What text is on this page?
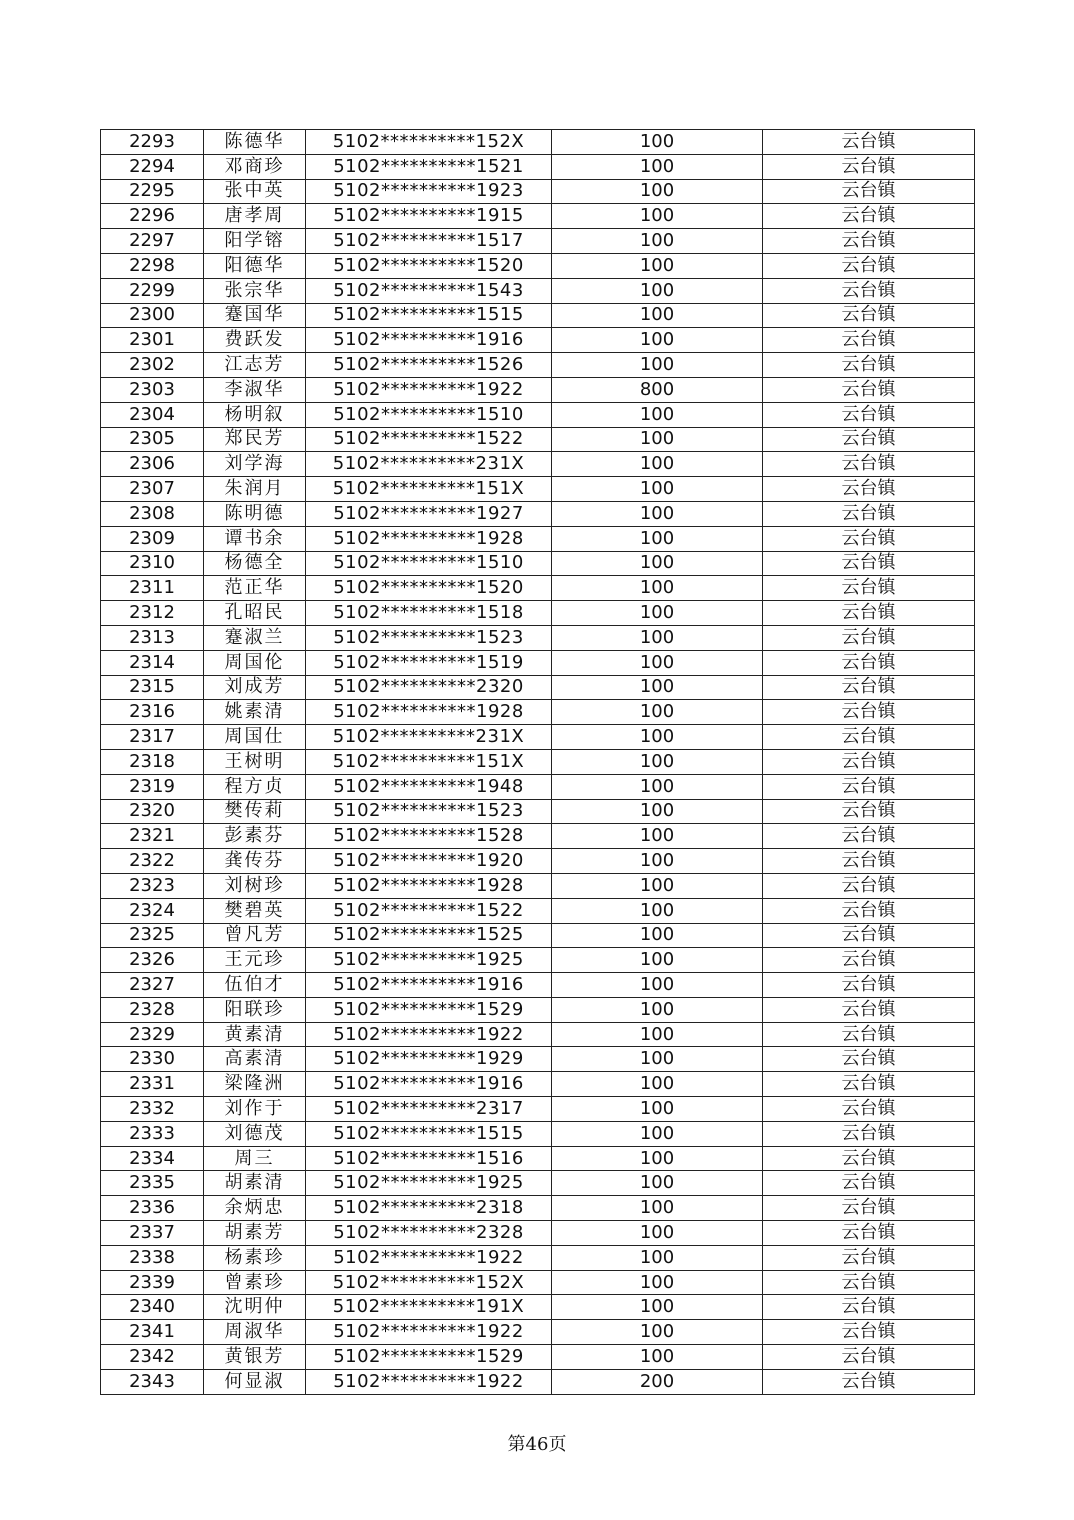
2293	陈德华	5102**********152X	100	云台镇
2294	邓商珍	5102**********1521	100	云台镇
2295	张中英	5102**********1923	100	云台镇
2296	唐孝周	5102**********1915	100	云台镇
2297	阳学镕	5102**********1517	100	云台镇
2298	阳德华	5102**********1520	100	云台镇
2299	张宗华	5102**********1543	100	云台镇
2300	蹇国华	5102**********1515	100	云台镇
2301	费跃发	5102**********1916	100	云台镇
2302	江志芳	5102**********1526	100	云台镇
2303	李淑华	5102**********1922	800	云台镇
2304	杨明叙	5102**********1510	100	云台镇
2305	郑民芳	5102**********1522	100	云台镇
2306	刘学海	5102**********231X	100	云台镇
2307	朱润月	5102**********151X	100	云台镇
2308	陈明德	5102**********1927	100	云台镇
2309	谭书余	5102**********1928	100	云台镇
2310	杨德全	5102**********1510	100	云台镇
2311	范正华	5102**********1520	100	云台镇
2312	孔昭民	5102**********1518	100	云台镇
2313	蹇淑兰	5102**********1523	100	云台镇
2314	周国伦	5102**********1519	100	云台镇
2315	刘成芳	5102**********2320	100	云台镇
2316	姚素清	5102**********1928	100	云台镇
2317	周国仕	5102**********231X	100	云台镇
2318	王树明	5102**********151X	100	云台镇
2319	程方贞	5102**********1948	100	云台镇
2320	樊传莉	5102**********1523	100	云台镇
2321	彭素芬	5102**********1528	100	云台镇
2322	龚传芬	5102**********1920	100	云台镇
2323	刘树珍	5102**********1928	100	云台镇
2324	樊碧英	5102**********1522	100	云台镇
2325	曾凡芳	5102**********1525	100	云台镇
2326	王元珍	5102**********1925	100	云台镇
2327	伍伯才	5102**********1916	100	云台镇
2328	阳联珍	5102**********1529	100	云台镇
2329	黄素清	5102**********1922	100	云台镇
2330	高素清	5102**********1929	100	云台镇
2331	梁隆洲	5102**********1916	100	云台镇
2332	刘作于	5102**********2317	100	云台镇
2333	刘德茂	5102**********1515	100	云台镇
2334	周三	5102**********1516	100	云台镇
2335	胡素清	5102**********1925	100	云台镇
2336	余炳忠	5102**********2318	100	云台镇
2337	胡素芳	5102**********2328	100	云台镇
2338	杨素珍	5102**********1922	100	云台镇
2339	曾素珍	5102**********152X	100	云台镇
2340	沈明仲	5102**********191X	100	云台镇
2341	周淑华	5102**********1922	100	云台镇
2342	黄银芳	5102**********1529	100	云台镇
2343	何显淑	5102**********1922	200	云台镇
第46页
